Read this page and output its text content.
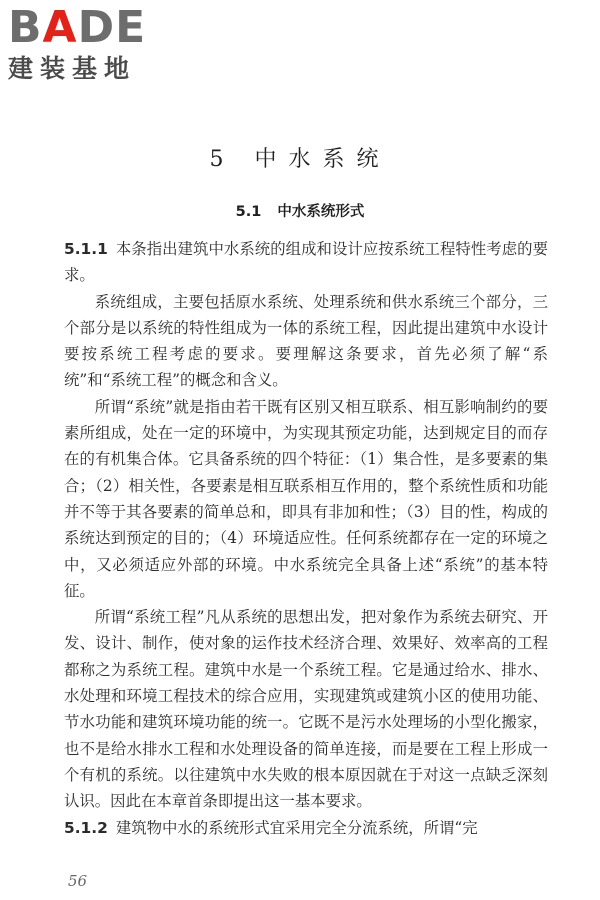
BADE
建装基地
5 中水系统
5.1 中水系统形式

5.1.1 本条指出建筑中水系统的组成和设计应按系统工程特性考虑的要求。

系统组成，主要包括原水系统、处理系统和供水系统三个部分，三个部分是以系统的特性组成为一体的系统工程，因此提出建筑中水设计要按系统工程考虑的要求。要理解这条要求，首先必须了解“系统”和“系统工程”的概念和含义。

所谓“系统”就是指由若干既有区别又相互联系、相互影响制约的要素所组成，处在一定的环境中，为实现其预定功能，达到规定目的而存在的有机集合体。它具备系统的四个特征：（1）集合性，是多要素的集合；（2）相关性，各要素是相互联系相互作用的，整个系统性质和功能并不等于其各要素的简单总和，即具有非加和性；（3）目的性，构成的系统达到预定的目的；（4）环境适应性。任何系统都存在一定的环境之中，又必须适应外部的环境。中水系统完全具备上述“系统”的基本特征。

所谓“系统工程”凡从系统的思想出发，把对象作为系统去研究、开发、设计、制作，使对象的运作技术经济合理、效果好、效率高的工程都称之为系统工程。建筑中水是一个系统工程。它是通过给水、排水、水处理和环境工程技术的综合应用，实现建筑或建筑小区的使用功能、节水功能和建筑环境功能的统一。它既不是污水处理场的小型化搬家，也不是给水排水工程和水处理设备的简单连接，而是要在工程上形成一个有机的系统。以往建筑中水失败的根本原因就在于对这一点缺乏深刻认识。因此在本章首条即提出这一基本要求。

5.1.2 建筑物中水的系统形式宜采用完全分流系统，所谓“完

56
